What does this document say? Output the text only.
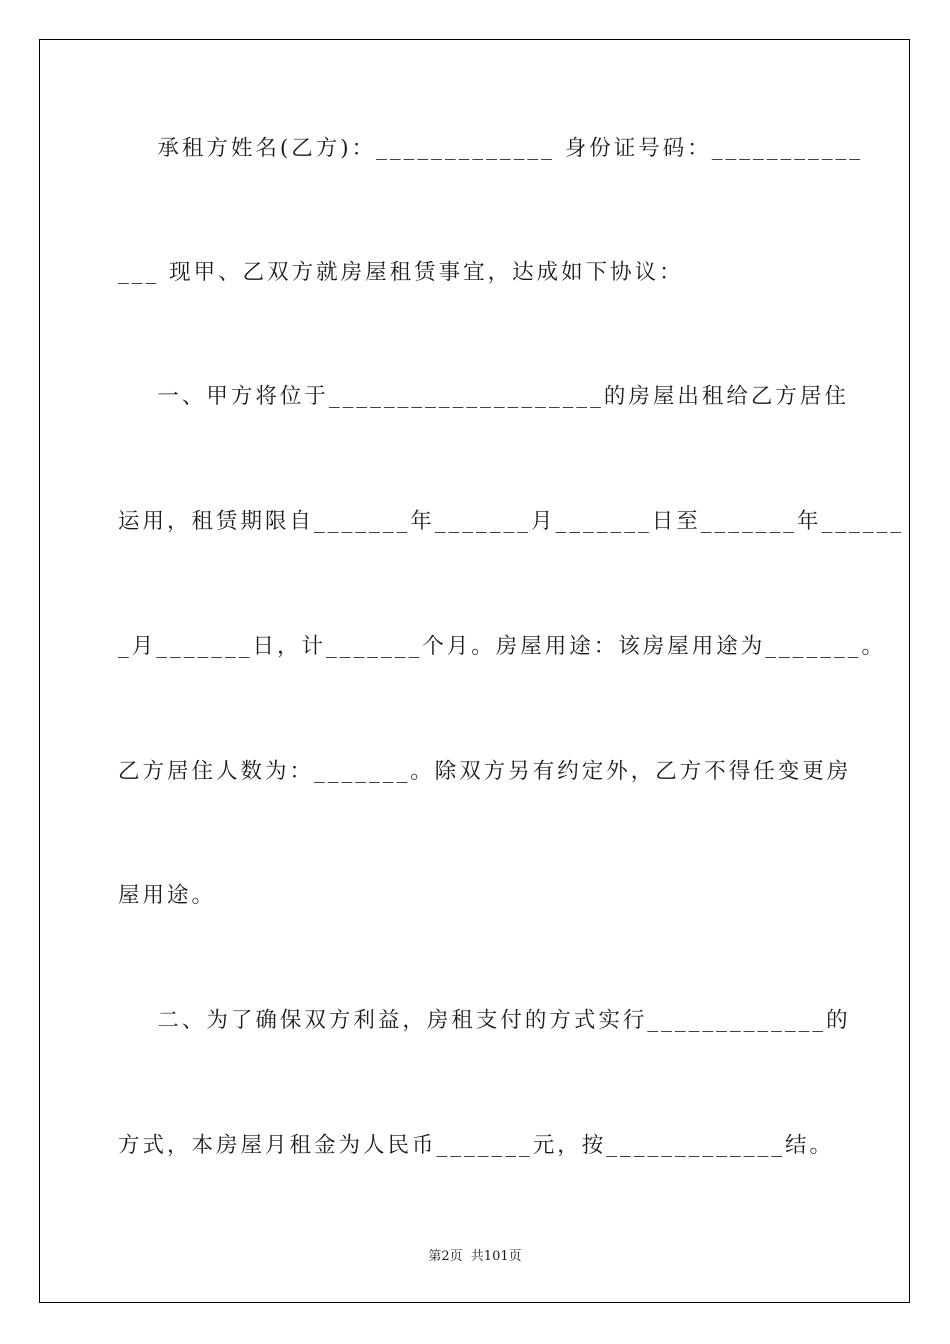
承租方姓名(乙方)：_____________ 身份证号码：___________
___ 现甲、乙双方就房屋租赁事宜，达成如下协议：
一、甲方将位于____________________的房屋出租给乙方居住
运用，租赁期限自_______年_______月_______日至_______年______
_月_______日，计_______个月。房屋用途：该房屋用途为_______。
乙方居住人数为：_______。除双方另有约定外，乙方不得任变更房
屋用途。
二、为了确保双方利益，房租支付的方式实行_____________的
方式，本房屋月租金为人民币_______元，按_____________结。
第2页 共101页
